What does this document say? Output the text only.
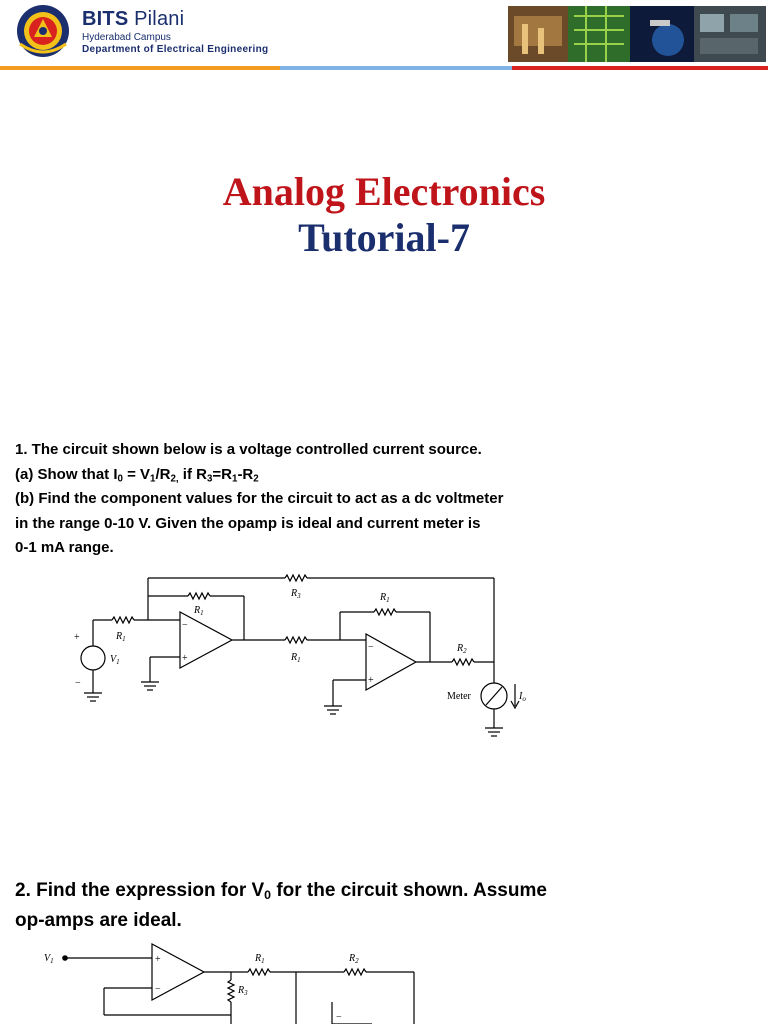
BITS Pilani
Hyderabad Campus
Department of Electrical Engineering
Analog Electronics
Tutorial-7
1. The circuit shown below is a voltage controlled current source.
(a) Show that $I_0 = V_1/R_{2,}$ if $R_3=R_1-R_2$
(b) Find the component values for the circuit to act as a dc voltmeter
in the range 0-10 V. Given the opamp is ideal and current meter is
0-1 mA range.
$R_1$
$R_1$
$R_3$
$R_1$
$R_1$
$R_2$
$V_1$
$I_o$
Meter
+
−
−
+
−
+
2. Find the expression for $V_0$ for the circuit shown. Assume
op-amps are ideal.
$V_1$	$R_1$	$R_2$
$R_3$
+
−
−
